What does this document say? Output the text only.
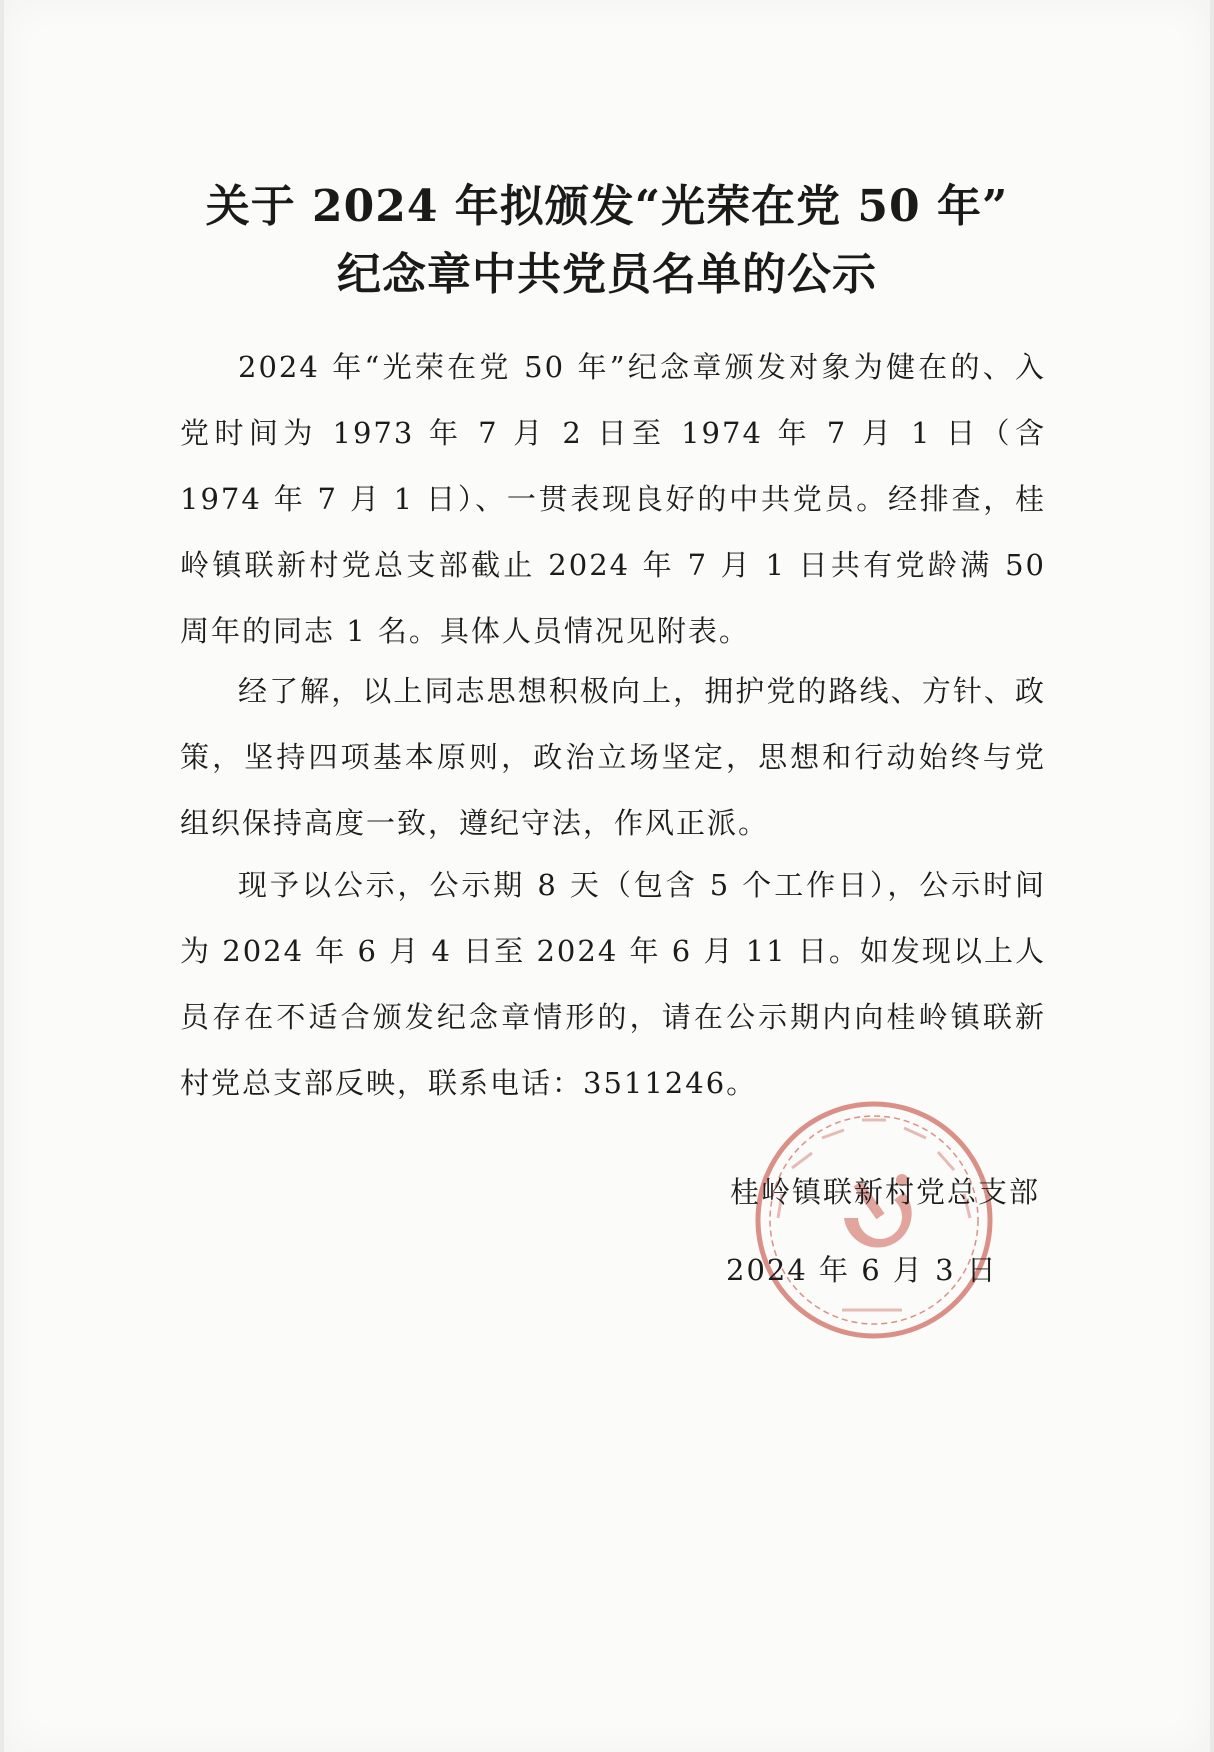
关于 2024 年拟颁发“光荣在党 50 年”
纪念章中共党员名单的公示

2024 年“光荣在党 50 年”纪念章颁发对象为健在的、入党时间为 1973 年 7 月 2 日至 1974 年 7 月 1 日（含 1974 年 7 月 1 日）、一贯表现良好的中共党员。经排查，桂岭镇联新村党总支部截止 2024 年 7 月 1 日共有党龄满 50 周年的同志 1 名。具体人员情况见附表。

经了解，以上同志思想积极向上，拥护党的路线、方针、政策，坚持四项基本原则，政治立场坚定，思想和行动始终与党组织保持高度一致，遵纪守法，作风正派。

现予以公示，公示期 8 天（包含 5 个工作日），公示时间为 2024 年 6 月 4 日至 2024 年 6 月 11 日。如发现以上人员存在不适合颁发纪念章情形的，请在公示期内向桂岭镇联新村党总支部反映，联系电话：3511246。

桂岭镇联新村党总支部
2024 年 6 月 3 日
